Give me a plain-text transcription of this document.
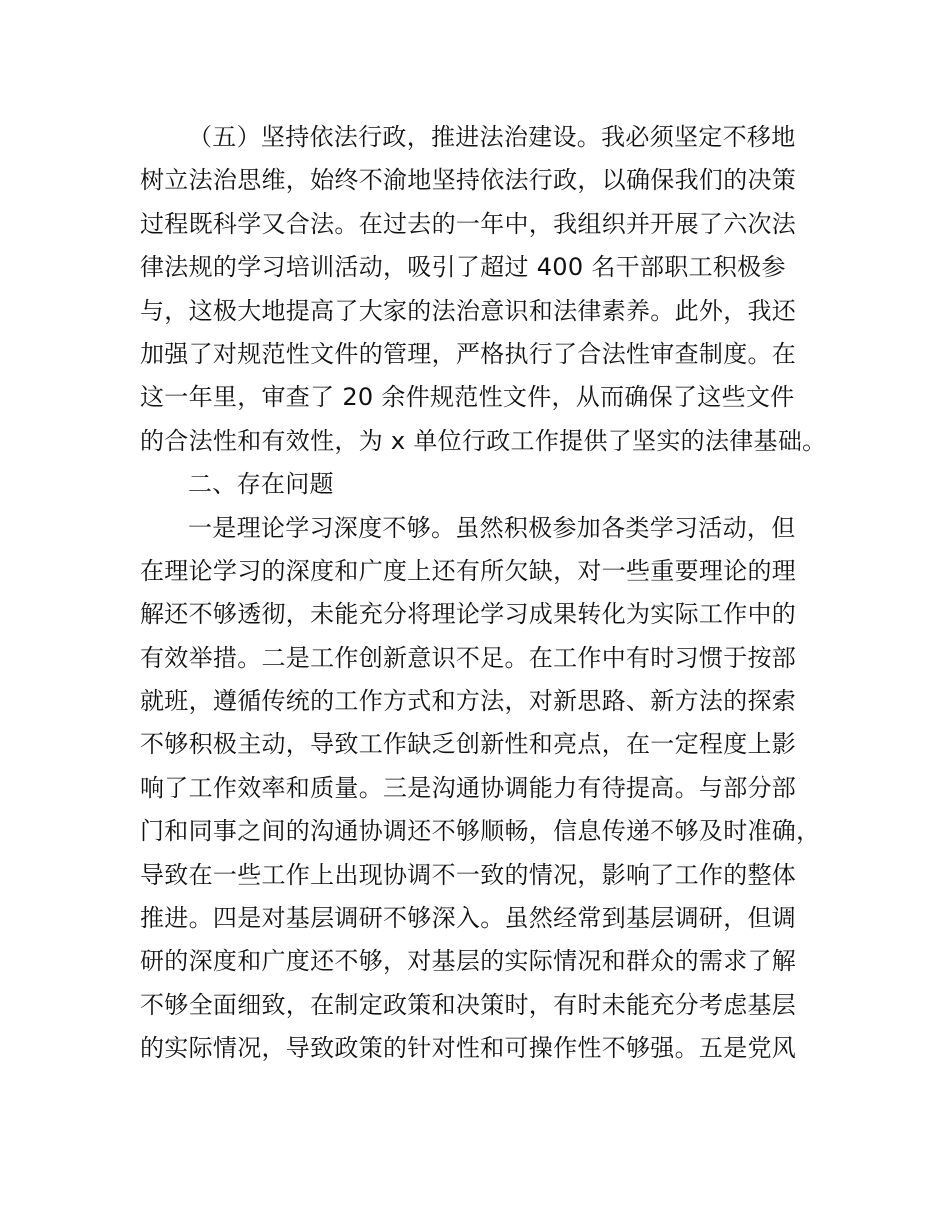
（五）坚持依法行政，推进法治建设。我必须坚定不移地
树立法治思维，始终不渝地坚持依法行政，以确保我们的决策
过程既科学又合法。在过去的一年中，我组织并开展了六次法
律法规的学习培训活动，吸引了超过 400 名干部职工积极参
与，这极大地提高了大家的法治意识和法律素养。此外，我还
加强了对规范性文件的管理，严格执行了合法性审查制度。在
这一年里，审查了 20 余件规范性文件，从而确保了这些文件
的合法性和有效性，为 x 单位行政工作提供了坚实的法律基础。
二、存在问题
一是理论学习深度不够。虽然积极参加各类学习活动，但
在理论学习的深度和广度上还有所欠缺，对一些重要理论的理
解还不够透彻，未能充分将理论学习成果转化为实际工作中的
有效举措。二是工作创新意识不足。在工作中有时习惯于按部
就班，遵循传统的工作方式和方法，对新思路、新方法的探索
不够积极主动，导致工作缺乏创新性和亮点，在一定程度上影
响了工作效率和质量。三是沟通协调能力有待提高。与部分部
门和同事之间的沟通协调还不够顺畅，信息传递不够及时准确，
导致在一些工作上出现协调不一致的情况，影响了工作的整体
推进。四是对基层调研不够深入。虽然经常到基层调研，但调
研的深度和广度还不够，对基层的实际情况和群众的需求了解
不够全面细致，在制定政策和决策时，有时未能充分考虑基层
的实际情况，导致政策的针对性和可操作性不够强。五是党风
